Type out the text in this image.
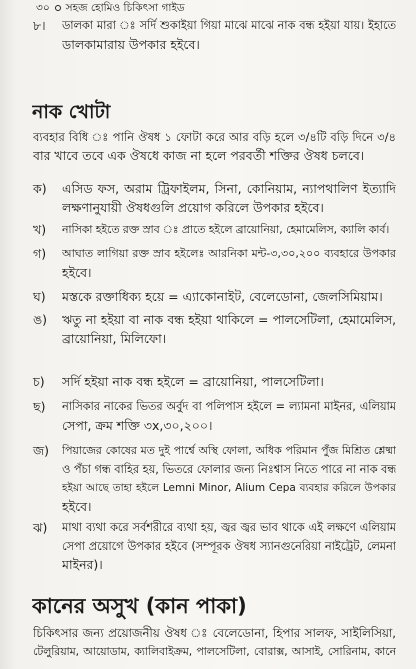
৩০ সহজ হোমিও চিকিৎসা গাইড
নাক খোটা
কানের অসুখ (কান পাকা)
৮।	ডালকা মারা ঃ সর্দি শুকাইয়া গিয়া মাঝে মাঝে নাক বন্ধ হইয়া যায়। ইহাতে
ডালকামারায় উপকার হইবে।
ব্যবহার বিধি ঃ পানি ঔষধ ১ ফোটা করে আর বড়ি হলে ৩/৪টি বড়ি দিনে ৩/৪
বার খাবে তবে এক ঔষধে কাজ না হলে পরবর্তী শক্তির ঔষধ চলবে।
ক)	এসিড ফস, অরাম ট্রিফাইলম, সিনা, কোনিয়াম, ন্যাপথালিণ ইত্যাদি
লক্ষণানুযায়ী ঔষধগুলি প্রয়োগ করিলে উপকার হইবে।
খ)	নাসিকা হইতে রক্ত স্রাব ঃ প্রাতে হইলে ব্রায়োনিয়া, হেমামেলিস, ক্যালি কার্ব।
গ)	আঘাত লাগিয়া রক্ত স্রাব হইলেঃ আরনিকা মন্ট-৩,৩০,২০০ ব্যবহারে উপকার
হইবে।
ঘ)	মস্তকে রক্তাধিক্য হয়ে = এ্যাকোনাইট, বেলেডোনা, জেলসিমিয়াম।
ঙ)	ঋতু না হইয়া বা নাক বন্ধ হইয়া থাকিলে = পালসেটিলা, হেমামেলিস,
ব্রায়োনিয়া, মিলিফো।
চ)	সর্দি হইয়া নাক বন্ধ হইলে = ব্রায়োনিয়া, পালসেটিলা।
ছ)	নাসিকার নাকের ভিতর অর্বুদ বা পলিপাস হইলে = ল্যামনা মাইনর, এলিয়াম
সেপা, ক্রম শক্তি ৩x,৩০,২০০।
জ)	পিয়াজের কোষের মত দুই পার্শ্বে অস্থি ফোলা, অধিক পরিমান পুঁজ মিশ্রিত শ্লেষ্মা
ও পঁচা গন্ধ বাহির হয়, ভিতরে ফোলার জন্য নিঃশ্বাস নিতে পারে না নাক বন্ধ
হইয়া আছে তাহা হইলে Lemni Minor, Alium Cepa ব্যবহার করিলে উপকার
হইবে।
ঝ)	মাথা ব্যথা করে সর্বশরীরে ব্যথা হয়, জ্বর জ্বর ভাব থাকে এই লক্ষণে এলিয়াম
সেপা প্রয়োগে উপকার হইবে (সম্পূরক ঔষধ স্যানগুনেরিয়া নাইট্রেট, লেমনা
মাইনর)।
চিকিৎসার জন্য প্রয়োজনীয় ঔষধ ঃ বেলেডোনা, হিপার সালফ, সাইলিসিয়া,
টেলুরিয়াম, আয়োডাম, ক্যালিবাইক্রম, পালসেটিলা, বোরাক্স, আসাই, সোরিনাম, কানে
